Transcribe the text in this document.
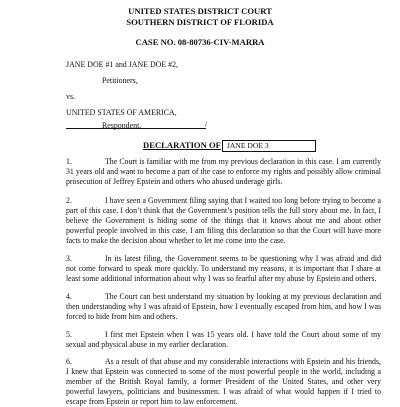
UNITED STATES DISTRICT COURT
SOUTHERN DISTRICT OF FLORIDA
CASE NO. 08-80736-CIV-MARRA
JANE DOE #1 and JANE DOE #2,
Petitioners,
vs.
UNITED STATES OF AMERICA,
Respondent.	/
DECLARATION OF JANE DOE 3
1.	The Court is familiar with me from my previous declaration in this case. I am currently 31 years old and want to become a part of the case to enforce my rights and possibly allow criminal prosecution of Jeffrey Epstein and others who abused underage girls.
2.	I have seen a Government filing saying that I waited too long before trying to become a part of this case. I don’t think that the Government’s position tells the full story about me. In fact, I believe the Government is hiding some of the things that it knows about me and about other powerful people involved in this case. I am filing this declaration so that the Court will have more facts to make the decision about whether to let me come into the case.
3.	In its latest filing, the Government seems to be questioning why I was afraid and did not come forward to speak more quickly. To understand my reasons, it is important that I share at least some additional information about why I was so fearful after my abuse by Epstein and others.
4.	The Court can best understand my situation by looking at my previous declaration and then understanding why I was afraid of Epstein, how I eventually escaped from him, and how I was forced to hide from him and others.
5.	I first met Epstein when I was 15 years old. I have told the Court about some of my sexual and physical abuse in my earlier declaration.
6.	As a result of that abuse and my considerable interactions with Epstein and his friends, I knew that Epstein was connected to some of the most powerful people in the world, including a member of the British Royal family, a former President of the United States, and other very powerful lawyers, politicians and businessmen. I was afraid of what would happen if I tried to escape from Epstein or report him to law enforcement.
